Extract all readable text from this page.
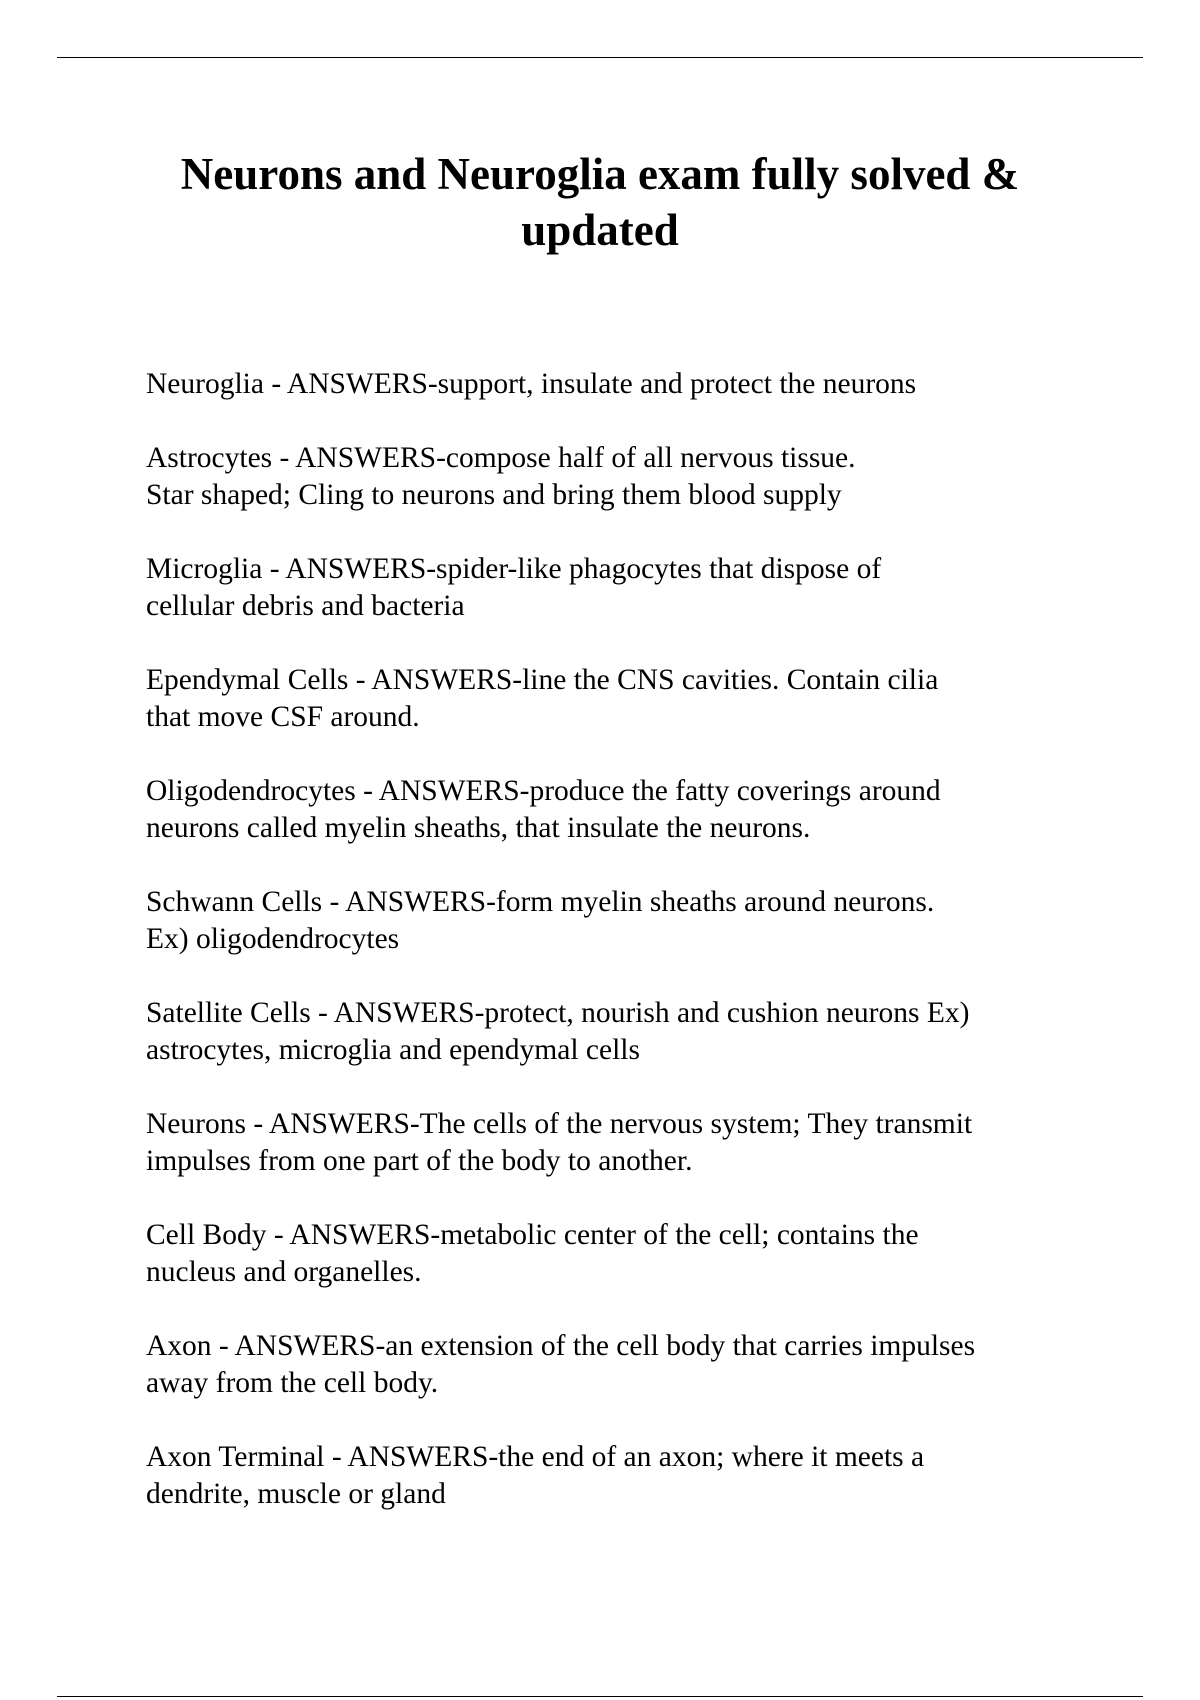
Neurons and Neuroglia exam fully solved &
updated
Neuroglia - ANSWERS-support, insulate and protect the neurons
Astrocytes - ANSWERS-compose half of all nervous tissue.
Star shaped; Cling to neurons and bring them blood supply
Microglia - ANSWERS-spider-like phagocytes that dispose of
cellular debris and bacteria
Ependymal Cells - ANSWERS-line the CNS cavities. Contain cilia
that move CSF around.
Oligodendrocytes - ANSWERS-produce the fatty coverings around
neurons called myelin sheaths, that insulate the neurons.
Schwann Cells - ANSWERS-form myelin sheaths around neurons.
Ex) oligodendrocytes
Satellite Cells - ANSWERS-protect, nourish and cushion neurons Ex)
astrocytes, microglia and ependymal cells
Neurons - ANSWERS-The cells of the nervous system; They transmit
impulses from one part of the body to another.
Cell Body - ANSWERS-metabolic center of the cell; contains the
nucleus and organelles.
Axon - ANSWERS-an extension of the cell body that carries impulses
away from the cell body.
Axon Terminal - ANSWERS-the end of an axon; where it meets a
dendrite, muscle or gland
